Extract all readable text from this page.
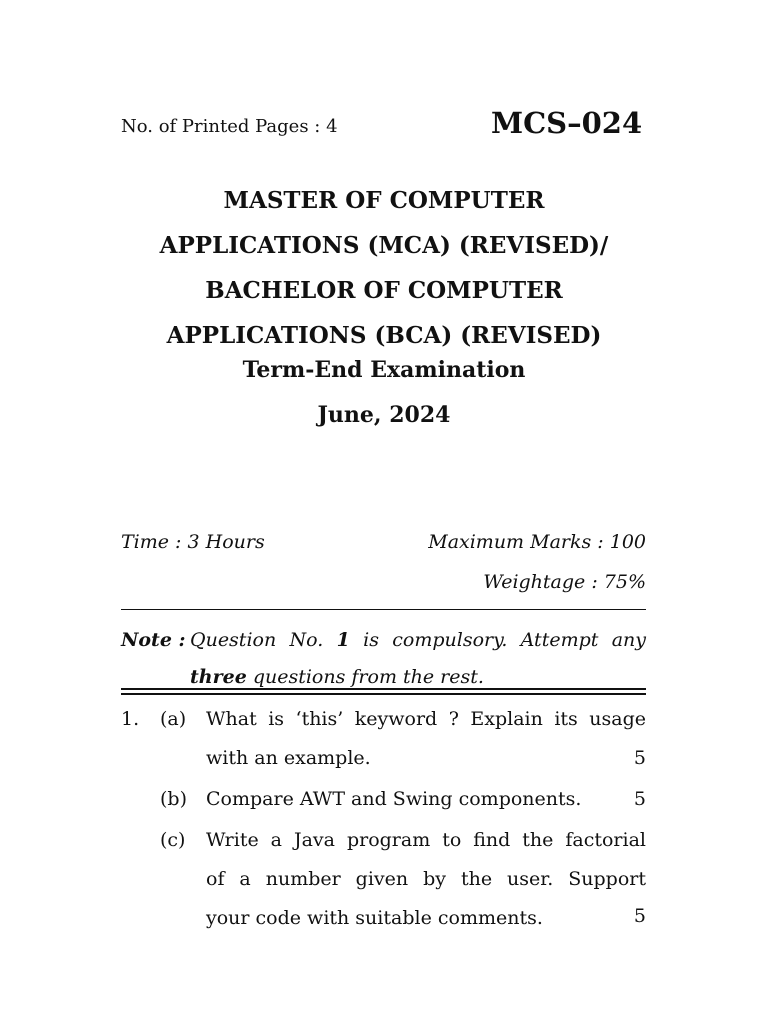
No. of Printed Pages : 4	MCS–024
MASTER OF COMPUTER
APPLICATIONS (MCA) (REVISED)/
BACHELOR OF COMPUTER
APPLICATIONS (BCA) (REVISED)
Term-End Examination
June, 2024
Time : 3 Hours	Maximum Marks : 100
Weightage : 75%
Note : Question No. 1 is compulsory. Attempt any
three questions from the rest.
1. (a) What is ‘this’ keyword ? Explain its usage
with an example.	5
(b) Compare AWT and Swing components.	5
(c) Write a Java program to find the factorial
of a number given by the user. Support
your code with suitable comments.	5
